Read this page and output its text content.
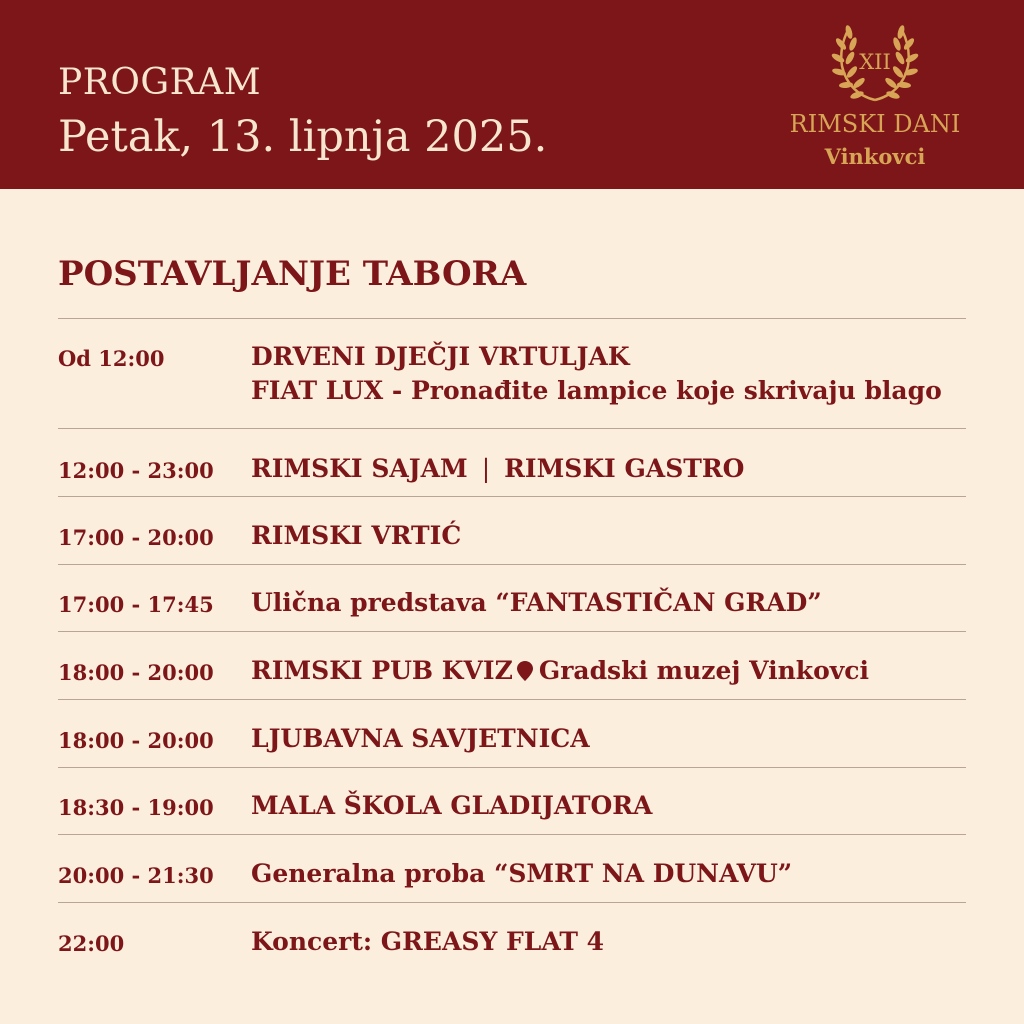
PROGRAM
Petak, 13. lipnja 2025.
XII
RIMSKI DANI
Vinkovci
POSTAVLJANJE TABORA
Od 12:00	DRVENI DJEČJI VRTULJAK
FIAT LUX - Pronađite lampice koje skrivaju blago
12:00 - 23:00 RIMSKI SAJAM | RIMSKI GASTRO
17:00 - 20:00 RIMSKI VRTIĆ
17:00 - 17:45 Ulična predstava “FANTASTIČAN GRAD”
18:00 - 20:00 RIMSKI PUB KVIZ Gradski muzej Vinkovci
18:00 - 20:00 LJUBAVNA SAVJETNICA
18:30 - 19:00 MALA ŠKOLA GLADIJATORA
20:00 - 21:30 Generalna proba “SMRT NA DUNAVU”
22:00	Koncert: GREASY FLAT 4
